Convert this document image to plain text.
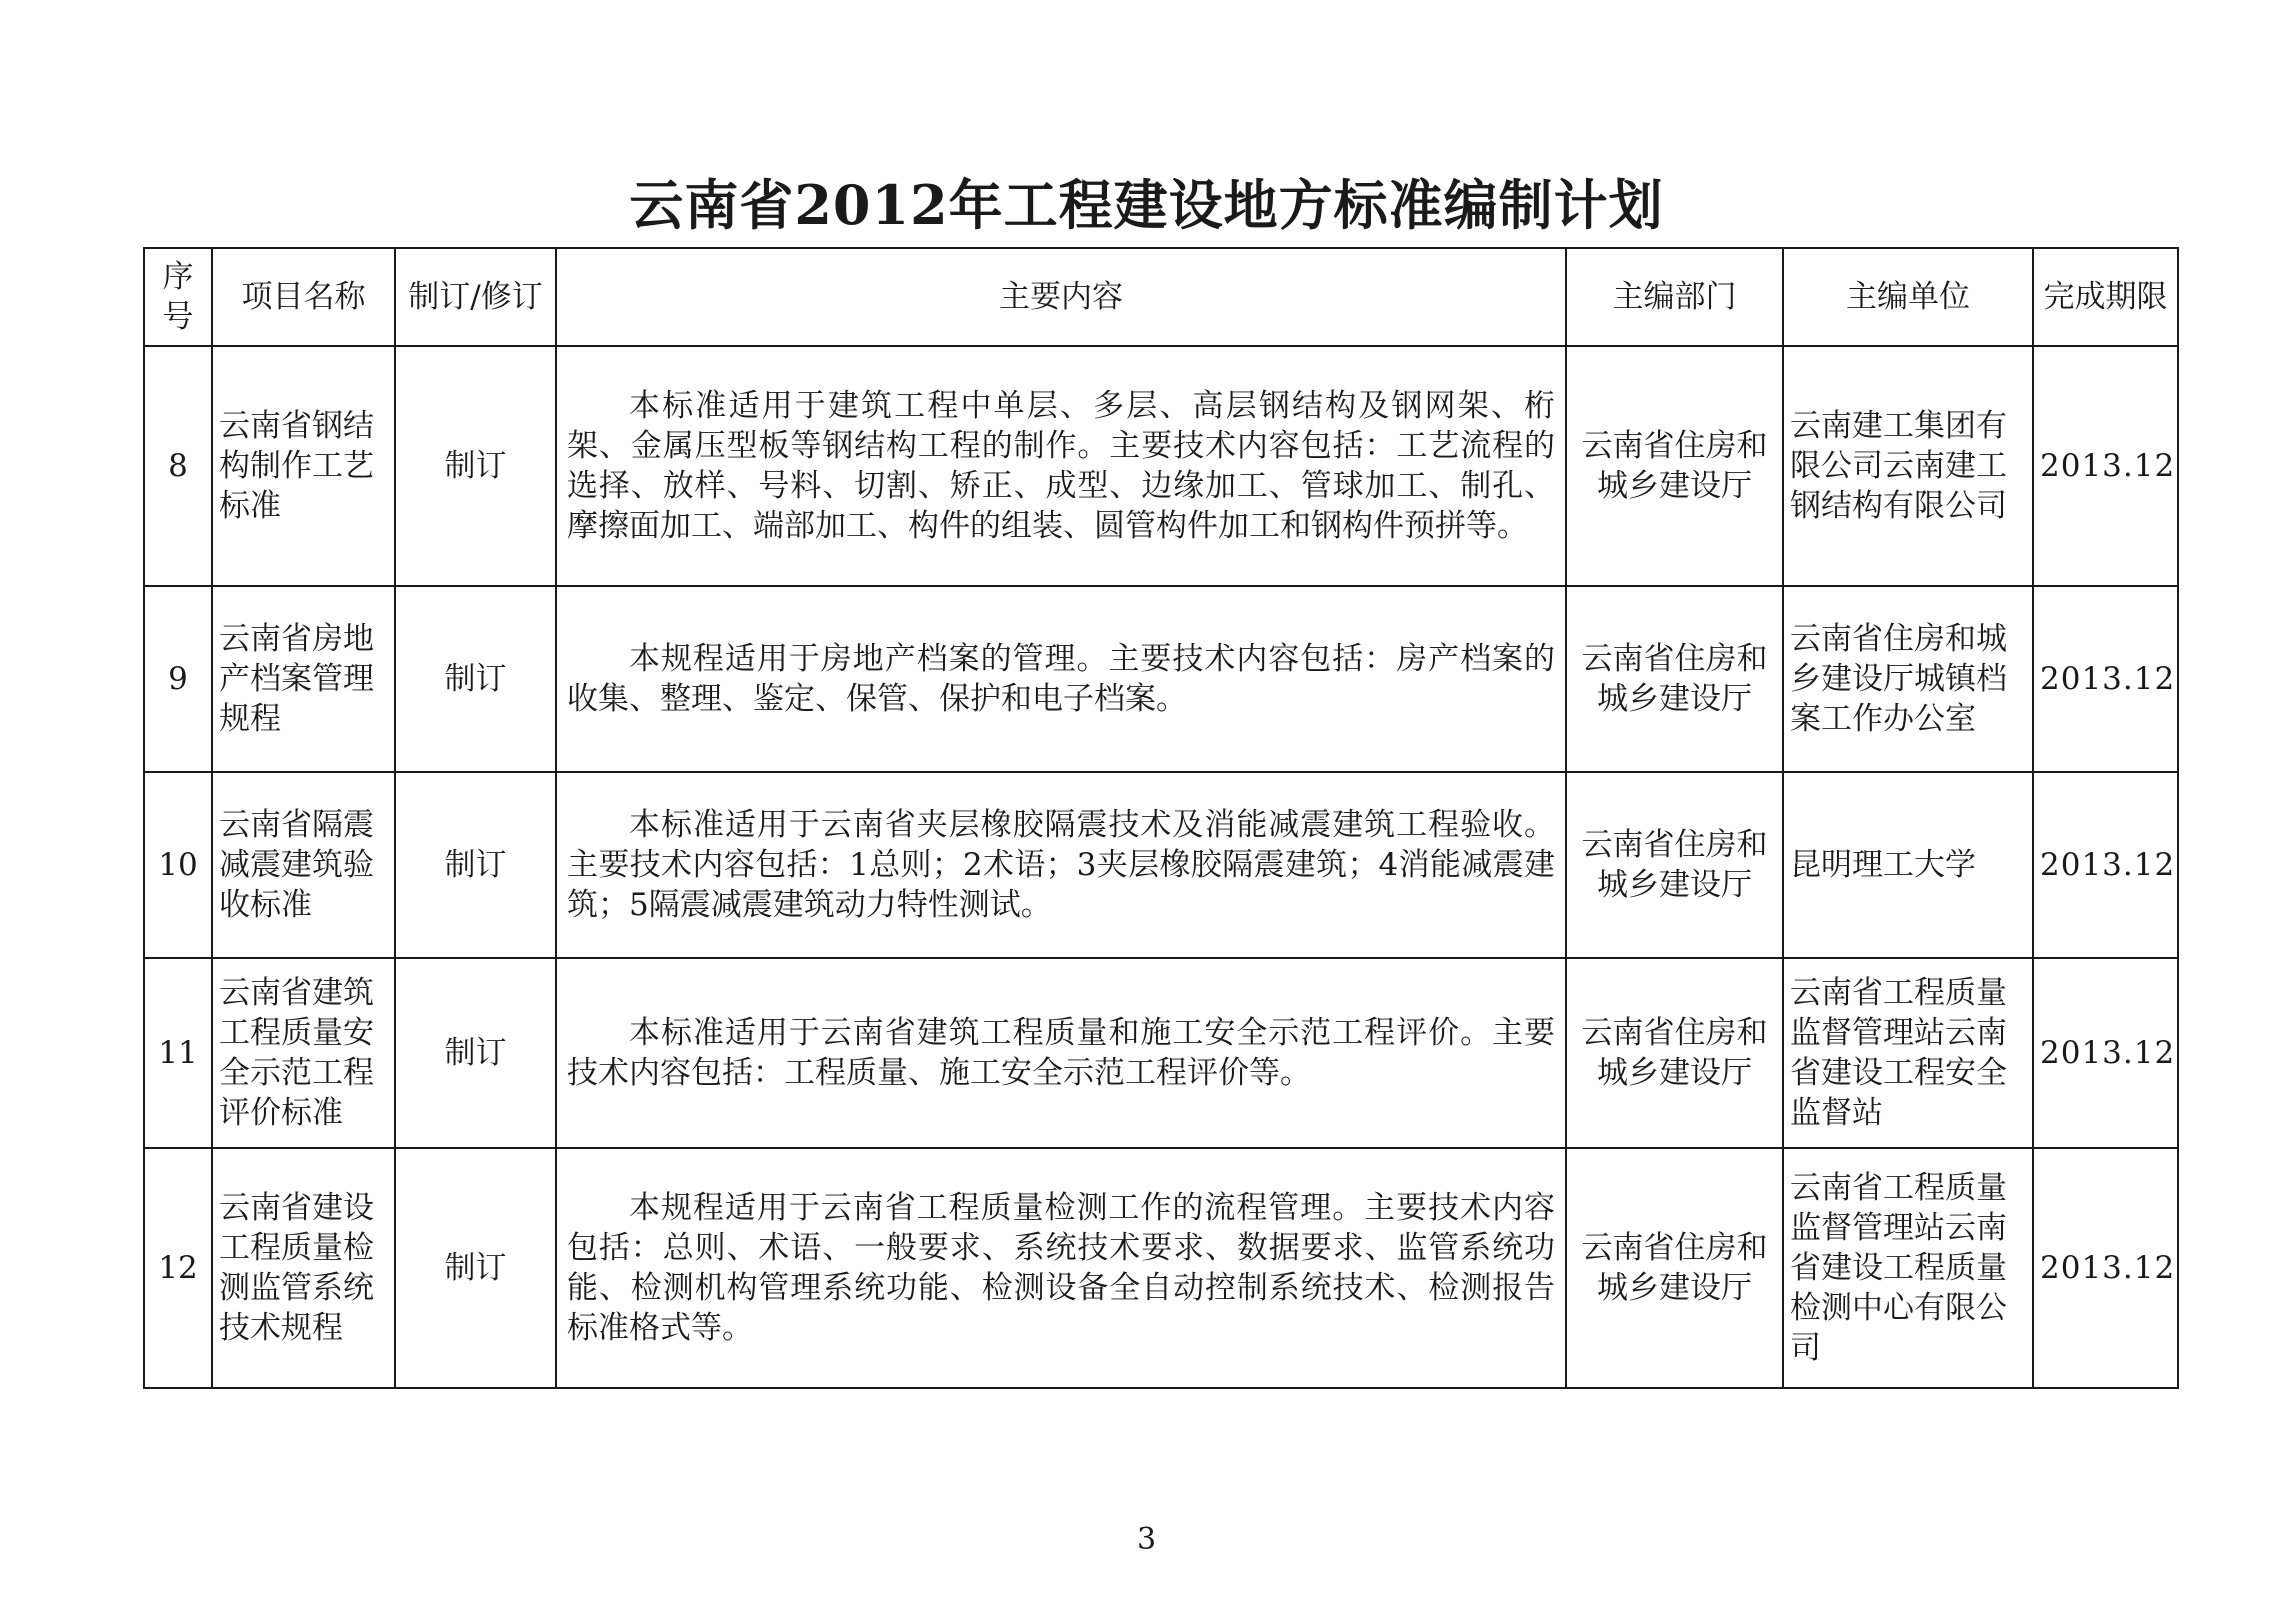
云南省2012年工程建设地方标准编制计划
序号	项目名称	制订/修订	主要内容	主编部门	主编单位	完成期限
8	云南省钢结构制作工艺标准	制订	本标准适用于建筑工程中单层、多层、高层钢结构及钢网架、桁架、金属压型板等钢结构工程的制作。主要技术内容包括：工艺流程的选择、放样、号料、切割、矫正、成型、边缘加工、管球加工、制孔、摩擦面加工、端部加工、构件的组装、圆管构件加工和钢构件预拼等。	云南省住房和城乡建设厅	云南建工集团有限公司云南建工钢结构有限公司	2013.12
9	云南省房地产档案管理规程	制订	本规程适用于房地产档案的管理。主要技术内容包括：房产档案的收集、整理、鉴定、保管、保护和电子档案。	云南省住房和城乡建设厅	云南省住房和城乡建设厅城镇档案工作办公室	2013.12
10	云南省隔震减震建筑验收标准	制订	本标准适用于云南省夹层橡胶隔震技术及消能减震建筑工程验收。主要技术内容包括：1总则；2术语；3夹层橡胶隔震建筑；4消能减震建筑；5隔震减震建筑动力特性测试。	云南省住房和城乡建设厅	昆明理工大学	2013.12
11	云南省建筑工程质量安全示范工程评价标准	制订	本标准适用于云南省建筑工程质量和施工安全示范工程评价。主要技术内容包括：工程质量、施工安全示范工程评价等。	云南省住房和城乡建设厅	云南省工程质量监督管理站云南省建设工程安全监督站	2013.12
12	云南省建设工程质量检测监管系统技术规程	制订	本规程适用于云南省工程质量检测工作的流程管理。主要技术内容包括：总则、术语、一般要求、系统技术要求、数据要求、监管系统功能、检测机构管理系统功能、检测设备全自动控制系统技术、检测报告标准格式等。	云南省住房和城乡建设厅	云南省工程质量监督管理站云南省建设工程质量检测中心有限公司	2013.12
3
